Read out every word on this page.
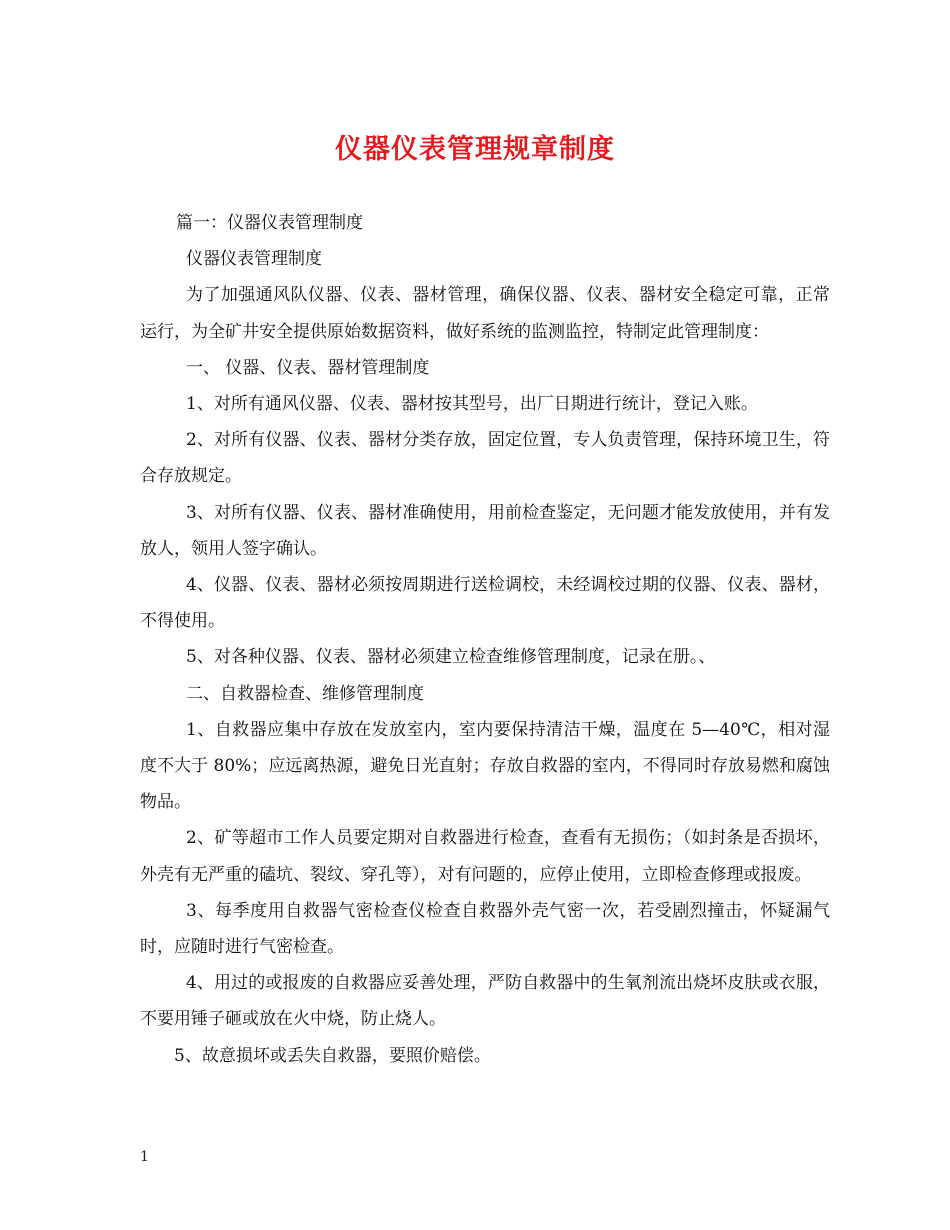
仪器仪表管理规章制度

篇一：仪器仪表管理制度

仪器仪表管理制度

为了加强通风队仪器、仪表、器材管理，确保仪器、仪表、器材安全稳定可靠，正常运行，为全矿井安全提供原始数据资料，做好系统的监测监控，特制定此管理制度：

一、 仪器、仪表、器材管理制度

1、对所有通风仪器、仪表、器材按其型号，出厂日期进行统计，登记入账。

2、对所有仪器、仪表、器材分类存放，固定位置，专人负责管理，保持环境卫生，符合存放规定。

3、对所有仪器、仪表、器材准确使用，用前检查鉴定，无问题才能发放使用，并有发放人，领用人签字确认。

4、仪器、仪表、器材必须按周期进行送检调校，未经调校过期的仪器、仪表、器材，不得使用。

5、对各种仪器、仪表、器材必须建立检查维修管理制度，记录在册。、

二、自救器检查、维修管理制度

1、自救器应集中存放在发放室内，室内要保持清洁干燥，温度在 5—40℃，相对湿度不大于 80%；应远离热源，避免日光直射；存放自救器的室内，不得同时存放易燃和腐蚀物品。

2、矿等超市工作人员要定期对自救器进行检查，查看有无损伤；（如封条是否损坏，外壳有无严重的磕坑、裂纹、穿孔等），对有问题的，应停止使用，立即检查修理或报废。

3、每季度用自救器气密检查仪检查自救器外壳气密一次，若受剧烈撞击，怀疑漏气时，应随时进行气密检查。

4、用过的或报废的自救器应妥善处理，严防自救器中的生氧剂流出烧坏皮肤或衣服，不要用锤子砸或放在火中烧，防止烧人。

5、故意损坏或丢失自救器，要照价赔偿。

1
